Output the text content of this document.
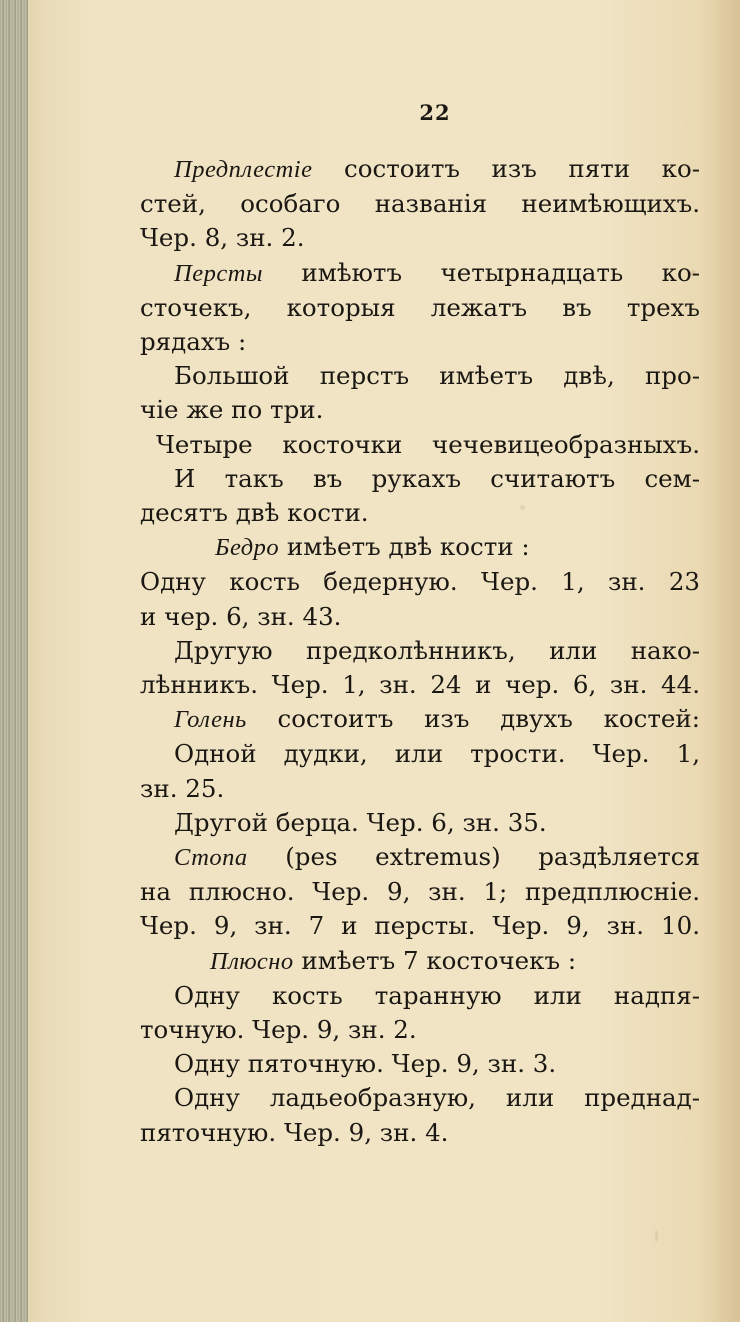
22
Предплестіе состоитъ изъ пяти ко-
стей, особаго названія неимѣющихъ.
Чер. 8, зн. 2.
Персты имѣютъ четырнадцать ко-
сточекъ, которыя лежатъ въ трехъ
рядахъ :
Большой перстъ имѣетъ двѣ, про-
чіе же по три.
Четыре косточки чечевицеобразныхъ.
И такъ въ рукахъ считаютъ сем-
десятъ двѣ кости.
Бедро имѣетъ двѣ кости :
Одну кость бедерную. Чер. 1, зн. 23
и чер. 6, зн. 43.
Другую предколѣнникъ, или нако-
лѣнникъ. Чер. 1, зн. 24 и чер. 6, зн. 44.
Голень состоитъ изъ двухъ костей:
Одной дудки, или трости. Чер. 1,
зн. 25.
Другой берца. Чер. 6, зн. 35.
Стопа (pes extremus) раздѣляется
на плюсно. Чер. 9, зн. 1; предплюсніе.
Чер. 9, зн. 7 и персты. Чер. 9, зн. 10.
Плюсно имѣетъ 7 косточекъ :
Одну кость таранную или надпя-
точную. Чер. 9, зн. 2.
Одну пяточную. Чер. 9, зн. 3.
Одну ладьеобразную, или преднад-
пяточную. Чер. 9, зн. 4.
